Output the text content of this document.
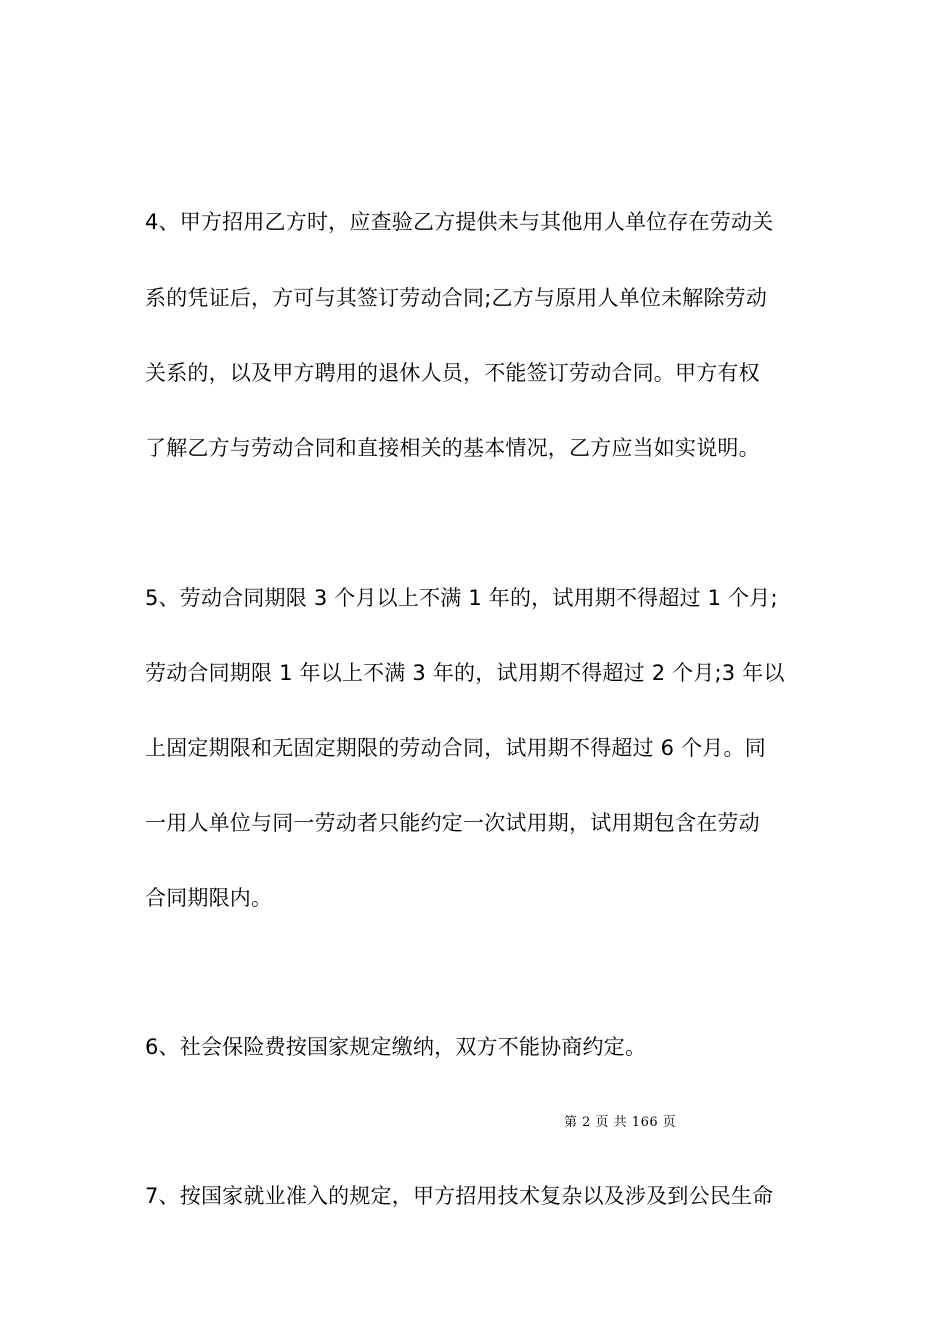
4、甲方招用乙方时，应查验乙方提供未与其他用人单位存在劳动关
系的凭证后，方可与其签订劳动合同;乙方与原用人单位未解除劳动
关系的，以及甲方聘用的退休人员，不能签订劳动合同。甲方有权
了解乙方与劳动合同和直接相关的基本情况，乙方应当如实说明。
5、劳动合同期限 3 个月以上不满 1 年的，试用期不得超过 1 个月;
劳动合同期限 1 年以上不满 3 年的，试用期不得超过 2 个月;3 年以
上固定期限和无固定期限的劳动合同，试用期不得超过 6 个月。同
一用人单位与同一劳动者只能约定一次试用期，试用期包含在劳动
合同期限内。
6、社会保险费按国家规定缴纳，双方不能协商约定。
第 2 页 共 166 页
7、按国家就业准入的规定，甲方招用技术复杂以及涉及到公民生命
